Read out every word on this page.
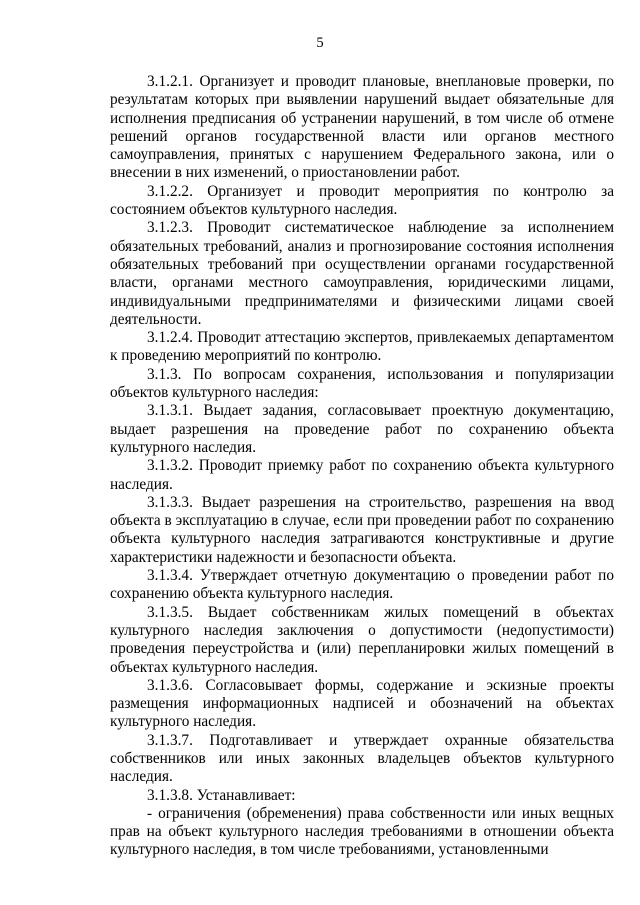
5

3.1.2.1. Организует и проводит плановые, внеплановые проверки, по результатам которых при выявлении нарушений выдает обязательные для исполнения предписания об устранении нарушений, в том числе об отмене решений органов государственной власти или органов местного самоуправления, принятых с нарушением Федерального закона, или о внесении в них изменений, о приостановлении работ.

3.1.2.2. Организует и проводит мероприятия по контролю за состоянием объектов культурного наследия.

3.1.2.3. Проводит систематическое наблюдение за исполнением обязательных требований, анализ и прогнозирование состояния исполнения обязательных требований при осуществлении органами государственной власти, органами местного самоуправления, юридическими лицами, индивидуальными предпринимателями и физическими лицами своей деятельности.

3.1.2.4. Проводит аттестацию экспертов, привлекаемых департаментом к проведению мероприятий по контролю.

3.1.3. По вопросам сохранения, использования и популяризации объектов культурного наследия:

3.1.3.1. Выдает задания, согласовывает проектную документацию, выдает разрешения на проведение работ по сохранению объекта культурного наследия.

3.1.3.2. Проводит приемку работ по сохранению объекта культурного наследия.

3.1.3.3. Выдает разрешения на строительство, разрешения на ввод объекта в эксплуатацию в случае, если при проведении работ по сохранению объекта культурного наследия затрагиваются конструктивные и другие характеристики надежности и безопасности объекта.

3.1.3.4. Утверждает отчетную документацию о проведении работ по сохранению объекта культурного наследия.

3.1.3.5. Выдает собственникам жилых помещений в объектах культурного наследия заключения о допустимости (недопустимости) проведения переустройства и (или) перепланировки жилых помещений в объектах культурного наследия.

3.1.3.6. Согласовывает формы, содержание и эскизные проекты размещения информационных надписей и обозначений на объектах культурного наследия.

3.1.3.7. Подготавливает и утверждает охранные обязательства собственников или иных законных владельцев объектов культурного наследия.

3.1.3.8. Устанавливает:

- ограничения (обременения) права собственности или иных вещных прав на объект культурного наследия требованиями в отношении объекта культурного наследия, в том числе требованиями, установленными
